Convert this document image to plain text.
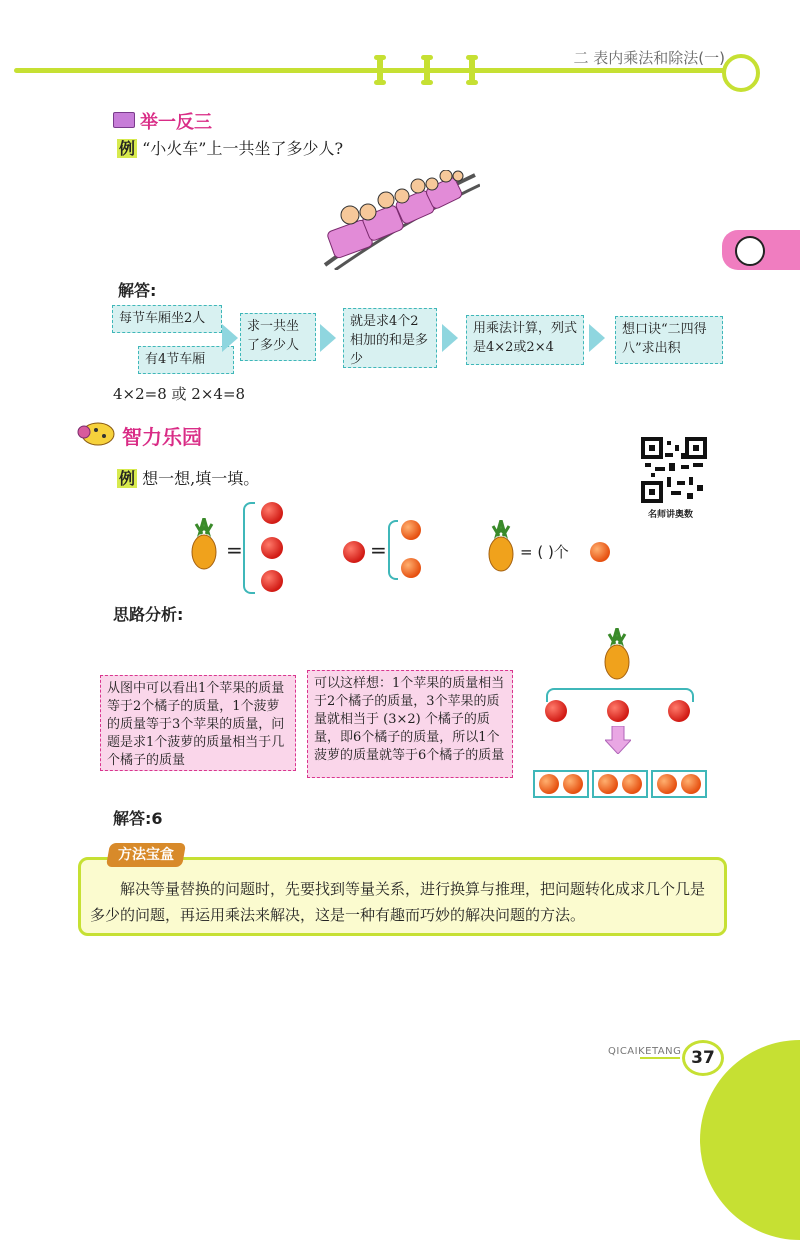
二 表内乘法和除法(一)
举一反三
例 “小火车”上一共坐了多少人?
解答:
每节车厢坐2人
有4节车厢
求一共坐了多少人
就是求4个2相加的和是多少
用乘法计算，列式是4×2或2×4
想口诀“二四得八”求出积
4×2=8 或 2×4=8
智力乐园
名师讲奥数
例 想一想,填一填。
=	=	= ( )个
思路分析:
从图中可以看出1个苹果的质量等于2个橘子的质量，1个菠萝的质量等于3个苹果的质量，问题是求1个菠萝的质量相当于几个橘子的质量
可以这样想：1个苹果的质量相当于2个橘子的质量，3个苹果的质量就相当于 (3×2) 个橘子的质量，即6个橘子的质量，所以1个菠萝的质量就等于6个橘子的质量
解答:6
方法宝盒
解决等量替换的问题时，先要找到等量关系，进行换算与推理，把问题转化成求几个几是多少的问题，再运用乘法来解决，这是一种有趣而巧妙的解决问题的方法。
QICAIKETANG 37
